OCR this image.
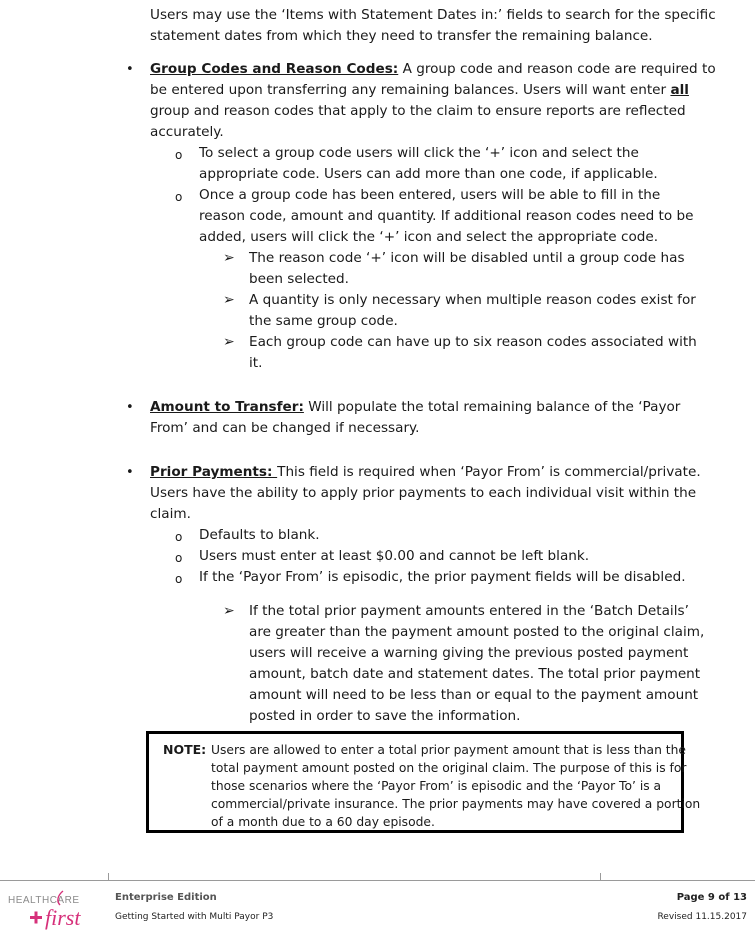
Users may use the ‘Items with Statement Dates in:’ fields to search for the specific
statement dates from which they need to transfer the remaining balance.
• Group Codes and Reason Codes: A group code and reason code are required to
be entered upon transferring any remaining balances. Users will want enter all
group and reason codes that apply to the claim to ensure reports are reflected
accurately.
o To select a group code users will click the ‘+’ icon and select the
appropriate code. Users can add more than one code, if applicable.
o Once a group code has been entered, users will be able to fill in the
reason code, amount and quantity. If additional reason codes need to be
added, users will click the ‘+’ icon and select the appropriate code.
➢ The reason code ‘+’ icon will be disabled until a group code has
been selected.
➢ A quantity is only necessary when multiple reason codes exist for
the same group code.
➢ Each group code can have up to six reason codes associated with
it.
• Amount to Transfer: Will populate the total remaining balance of the ‘Payor
From’ and can be changed if necessary.
• Prior Payments: This field is required when ‘Payor From’ is commercial/private.
Users have the ability to apply prior payments to each individual visit within the
claim.
o Defaults to blank.
o Users must enter at least $0.00 and cannot be left blank.
o If the ‘Payor From’ is episodic, the prior payment fields will be disabled.
➢ If the total prior payment amounts entered in the ‘Batch Details’
are greater than the payment amount posted to the original claim,
users will receive a warning giving the previous posted payment
amount, batch date and statement dates. The total prior payment
amount will need to be less than or equal to the payment amount
posted in order to save the information.
NOTE: Users are allowed to enter a total prior payment amount that is less than the
total payment amount posted on the original claim. The purpose of this is for
those scenarios where the ‘Payor From’ is episodic and the ‘Payor To’ is a
commercial/private insurance. The prior payments may have covered a portion
of a month due to a 60 day episode.
HEALTHCARE
first
Enterprise Edition
Getting Started with Multi Payor P3
Page 9 of 13
Revised 11.15.2017
